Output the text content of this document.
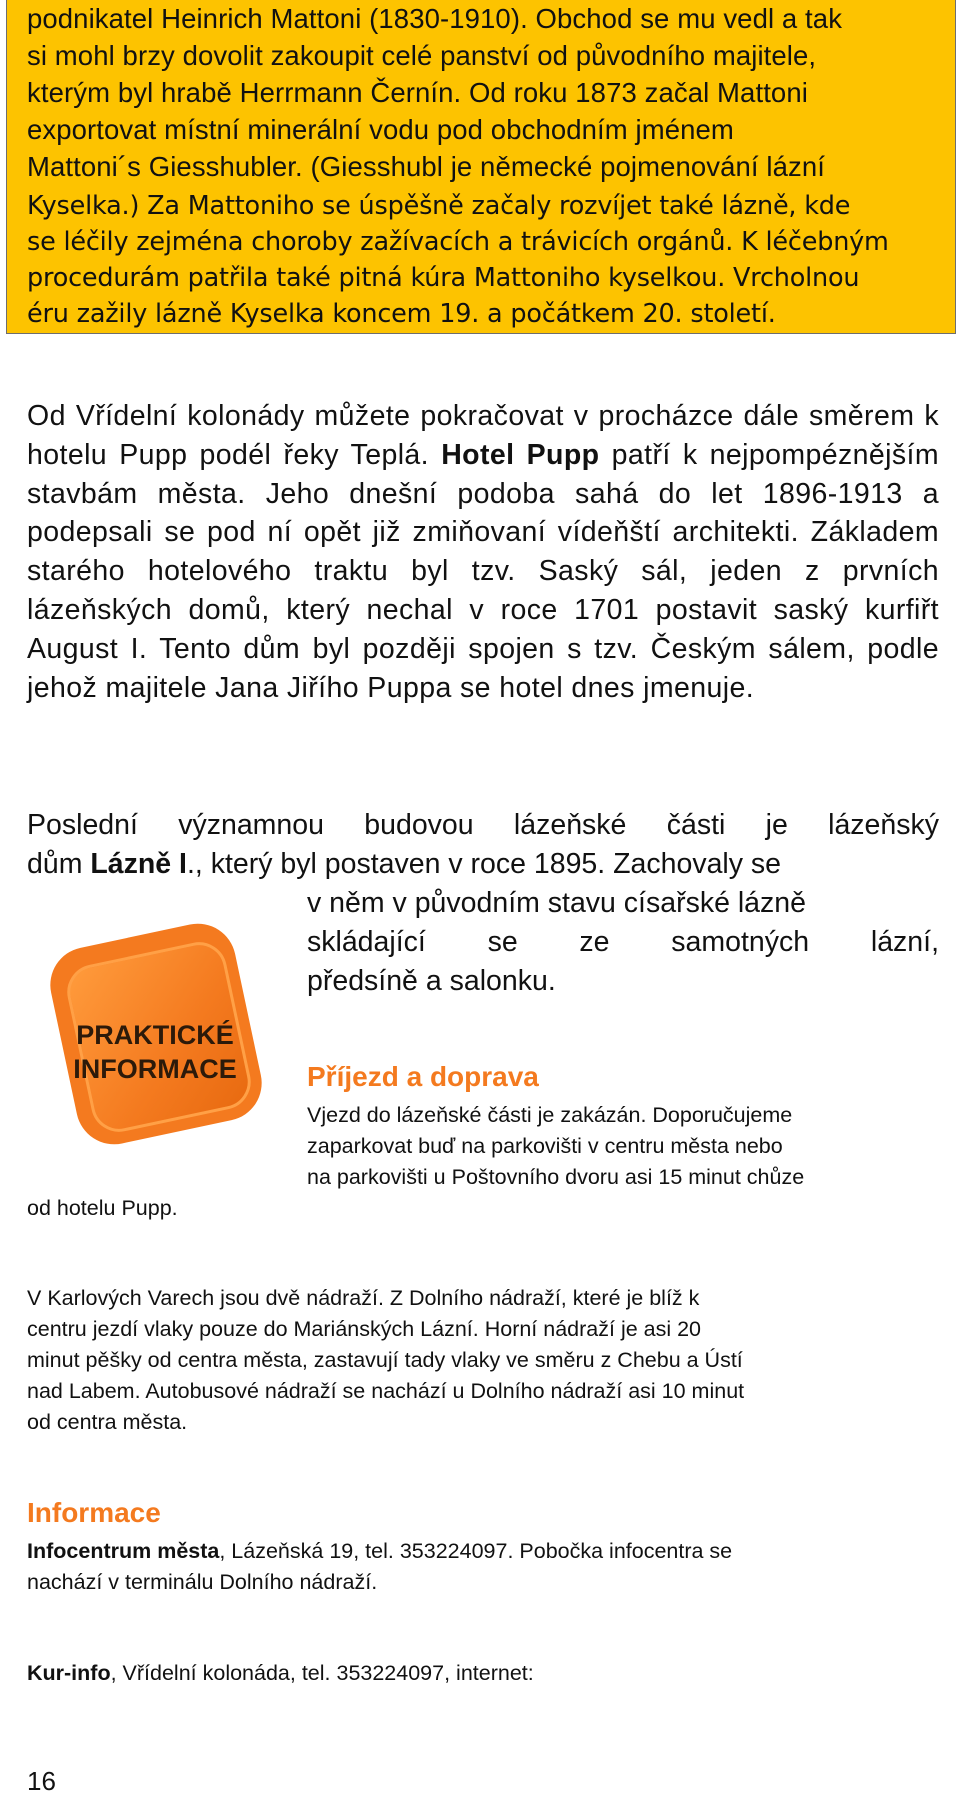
podnikatel Heinrich Mattoni (1830-1910). Obchod se mu vedl a tak
si mohl brzy dovolit zakoupit celé panství od původního majitele,
kterým byl hrabě Herrmann Černín. Od roku 1873 začal Mattoni
exportovat místní minerální vodu pod obchodním jménem
Mattoni´s Giesshubler. (Giesshubl je německé pojmenování lázní
Kyselka.) Za Mattoniho se úspěšně začaly rozvíjet také lázně, kde
se léčily zejména choroby zažívacích a trávicích orgánů. K léčebným
procedurám patřila také pitná kúra Mattoniho kyselkou. Vrcholnou
éru zažily lázně Kyselka koncem 19. a počátkem 20. století.

Od Vřídelní kolonády můžete pokračovat v procházce dále směrem k hotelu Pupp podél řeky Teplá. Hotel Pupp patří k nejpompéznějším stavbám města. Jeho dnešní podoba sahá do let 1896-1913 a podepsali se pod ní opět již zmiňovaní vídeňští architekti. Základem starého hotelového traktu byl tzv. Saský sál, jeden z prvních lázeňských domů, který nechal v roce 1701 postavit saský kurfiřt August I. Tento dům byl později spojen s tzv. Českým sálem, podle jehož majitele Jana Jiřího Puppa se hotel dnes jmenuje.

Poslední významnou budovou lázeňské části je lázeňský
dům Lázně I., který byl postaven v roce 1895. Zachovaly se
v něm v původním stavu císařské lázně
skládající se ze samotných lázní,
předsíně a salonku.
PRAKTICKÉ
INFORMACE	Příjezd a doprava
Vjezd do lázeňské části je zakázán. Doporučujeme
zaparkovat buď na parkovišti v centru města nebo
na parkovišti u Poštovního dvoru asi 15 minut chůze
od hotelu Pupp.
V Karlových Varech jsou dvě nádraží. Z Dolního nádraží, které je blíž k
centru jezdí vlaky pouze do Mariánských Lázní. Horní nádraží je asi 20
minut pěšky od centra města, zastavují tady vlaky ve směru z Chebu a Ústí
nad Labem. Autobusové nádraží se nachází u Dolního nádraží asi 10 minut
od centra města.
Informace
Infocentrum města, Lázeňská 19, tel. 353224097. Pobočka infocentra se
nachází v terminálu Dolního nádraží.
Kur-info, Vřídelní kolonáda, tel. 353224097, internet:
16
